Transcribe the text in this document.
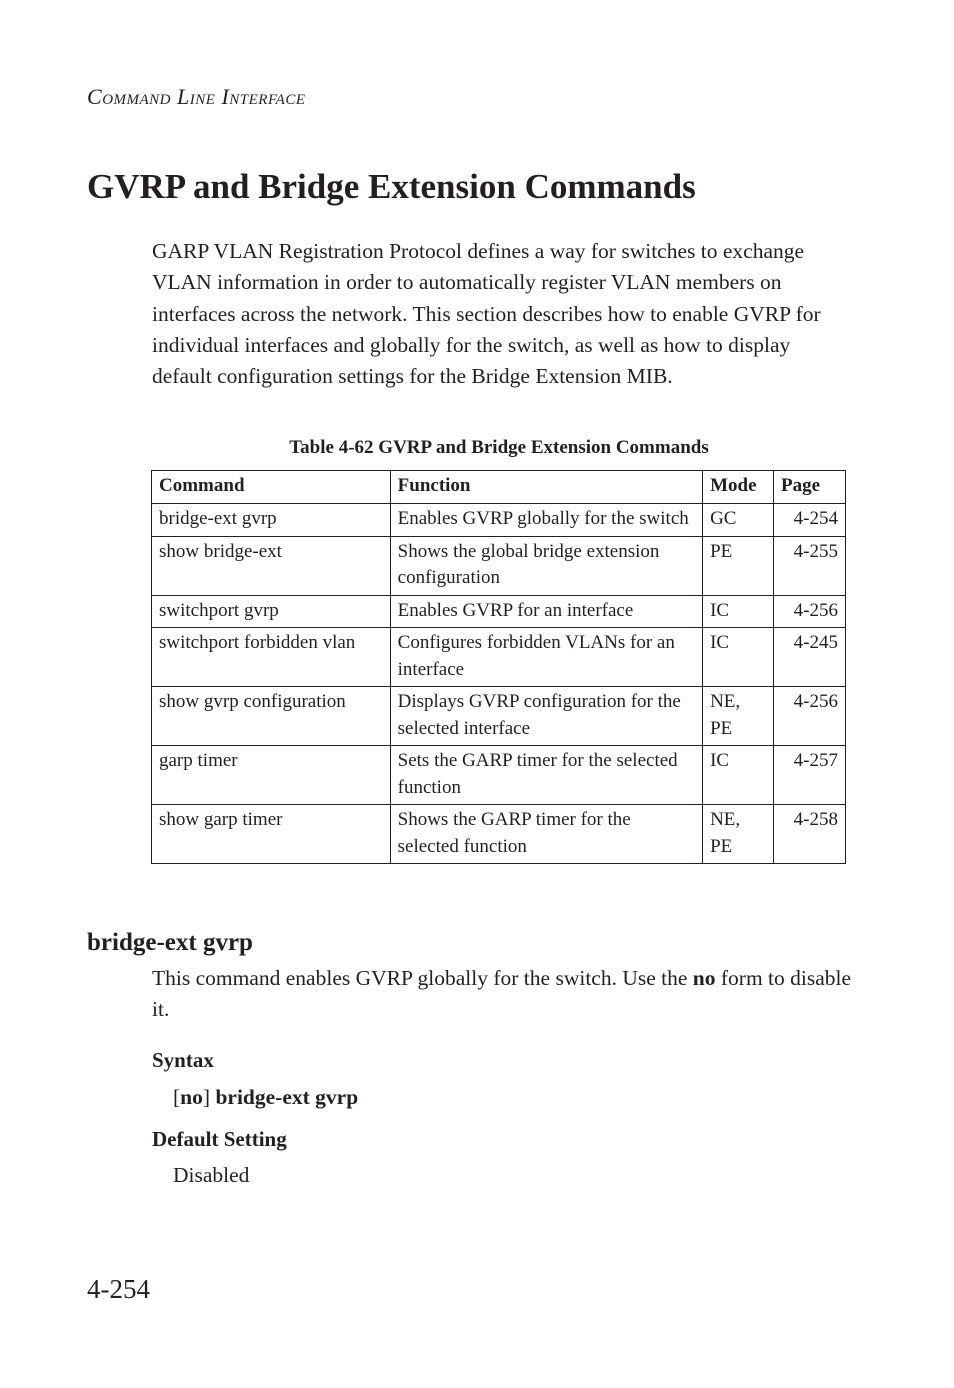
COMMAND LINE INTERFACE
GVRP and Bridge Extension Commands

GARP VLAN Registration Protocol defines a way for switches to exchange VLAN information in order to automatically register VLAN members on interfaces across the network. This section describes how to enable GVRP for individual interfaces and globally for the switch, as well as how to display default configuration settings for the Bridge Extension MIB.

Table 4-62 GVRP and Bridge Extension Commands
Command	Function	Mode	Page
bridge-ext gvrp	Enables GVRP globally for the switch	GC	4-254
show bridge-ext	Shows the global bridge extension configuration	PE	4-255
switchport gvrp	Enables GVRP for an interface	IC	4-256
switchport forbidden vlan	Configures forbidden VLANs for an interface	IC	4-245
show gvrp configuration	Displays GVRP configuration for the selected interface	NE, PE	4-256
garp timer	Sets the GARP timer for the selected function	IC	4-257
show garp timer	Shows the GARP timer for the selected function	NE, PE	4-258
bridge-ext gvrp

This command enables GVRP globally for the switch. Use the no form to disable it.

Syntax
[no] bridge-ext gvrp
Default Setting
Disabled
4-254
